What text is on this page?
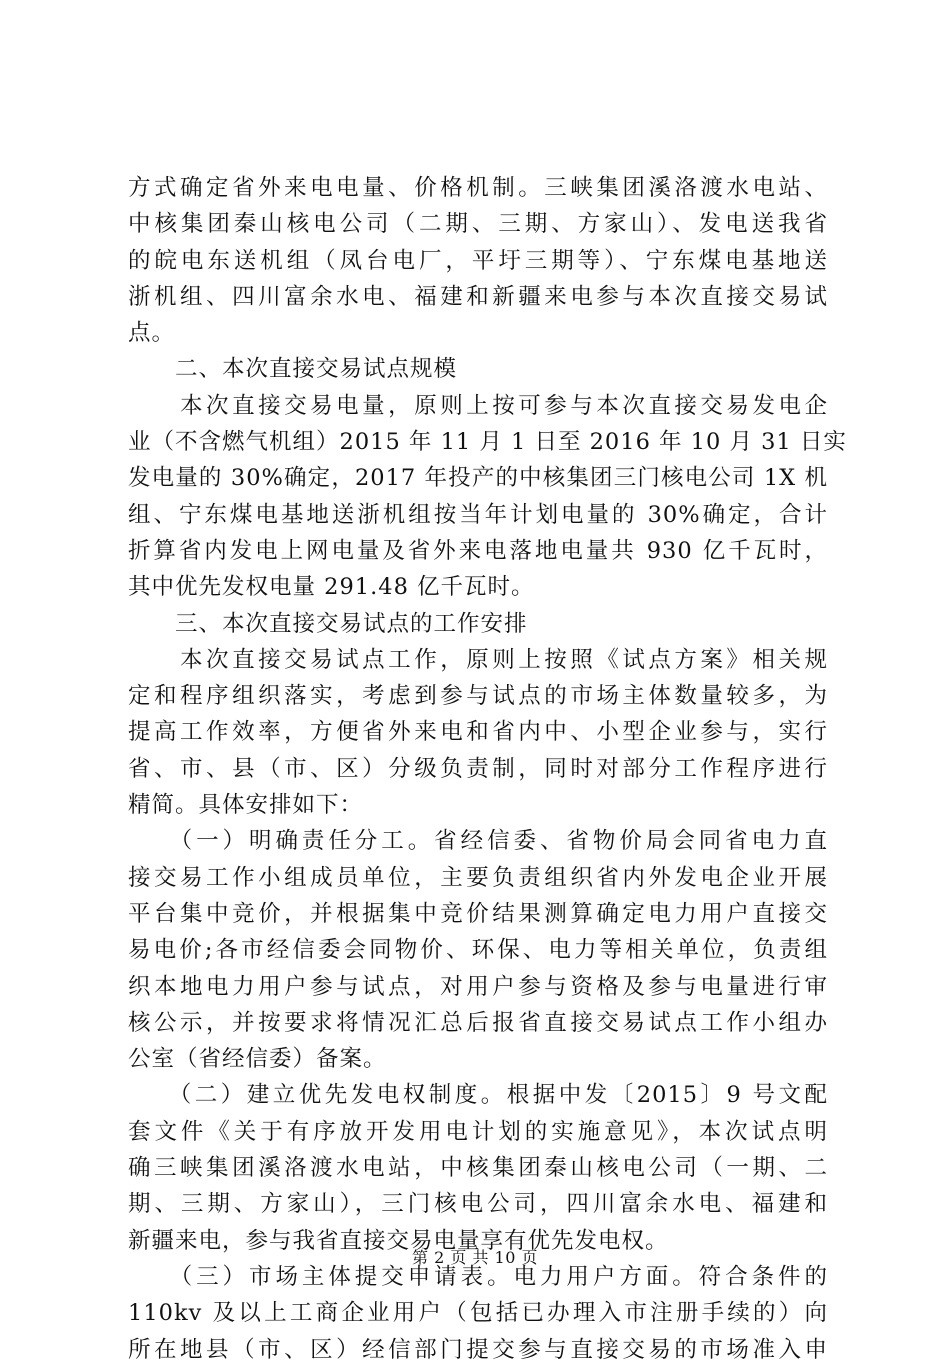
方式确定省外来电电量、价格机制。三峡集团溪洛渡水电站、
中核集团秦山核电公司（二期、三期、方家山）、发电送我省
的皖电东送机组（凤台电厂，平圩三期等）、宁东煤电基地送
浙机组、四川富余水电、福建和新疆来电参与本次直接交易试
点。
　　二、本次直接交易试点规模
　　本次直接交易电量，原则上按可参与本次直接交易发电企
业（不含燃气机组）2015 年 11 月 1 日至 2016 年 10 月 31 日实
发电量的 30%确定，2017 年投产的中核集团三门核电公司 1X 机
组、宁东煤电基地送浙机组按当年计划电量的 30%确定，合计
折算省内发电上网电量及省外来电落地电量共 930 亿千瓦时，
其中优先发权电量 291.48 亿千瓦时。
　　三、本次直接交易试点的工作安排
　　本次直接交易试点工作，原则上按照《试点方案》相关规
定和程序组织落实，考虑到参与试点的市场主体数量较多，为
提高工作效率，方便省外来电和省内中、小型企业参与，实行
省、市、县（市、区）分级负责制，同时对部分工作程序进行
精简。具体安排如下：
　　（一）明确责任分工。省经信委、省物价局会同省电力直
接交易工作小组成员单位，主要负责组织省内外发电企业开展
平台集中竞价，并根据集中竞价结果测算确定电力用户直接交
易电价;各市经信委会同物价、环保、电力等相关单位，负责组
织本地电力用户参与试点，对用户参与资格及参与电量进行审
核公示，并按要求将情况汇总后报省直接交易试点工作小组办
公室（省经信委）备案。
　　（二）建立优先发电权制度。根据中发〔2015〕9 号文配
套文件《关于有序放开发用电计划的实施意见》，本次试点明
确三峡集团溪洛渡水电站，中核集团秦山核电公司（一期、二
期、三期、方家山），三门核电公司，四川富余水电、福建和
新疆来电，参与我省直接交易电量享有优先发电权。
　　（三）市场主体提交申请表。电力用户方面。符合条件的
110kv 及以上工商企业用户（包括已办理入市注册手续的）向
所在地县（市、区）经信部门提交参与直接交易的市场准入申
第 2 页 共 10 页
